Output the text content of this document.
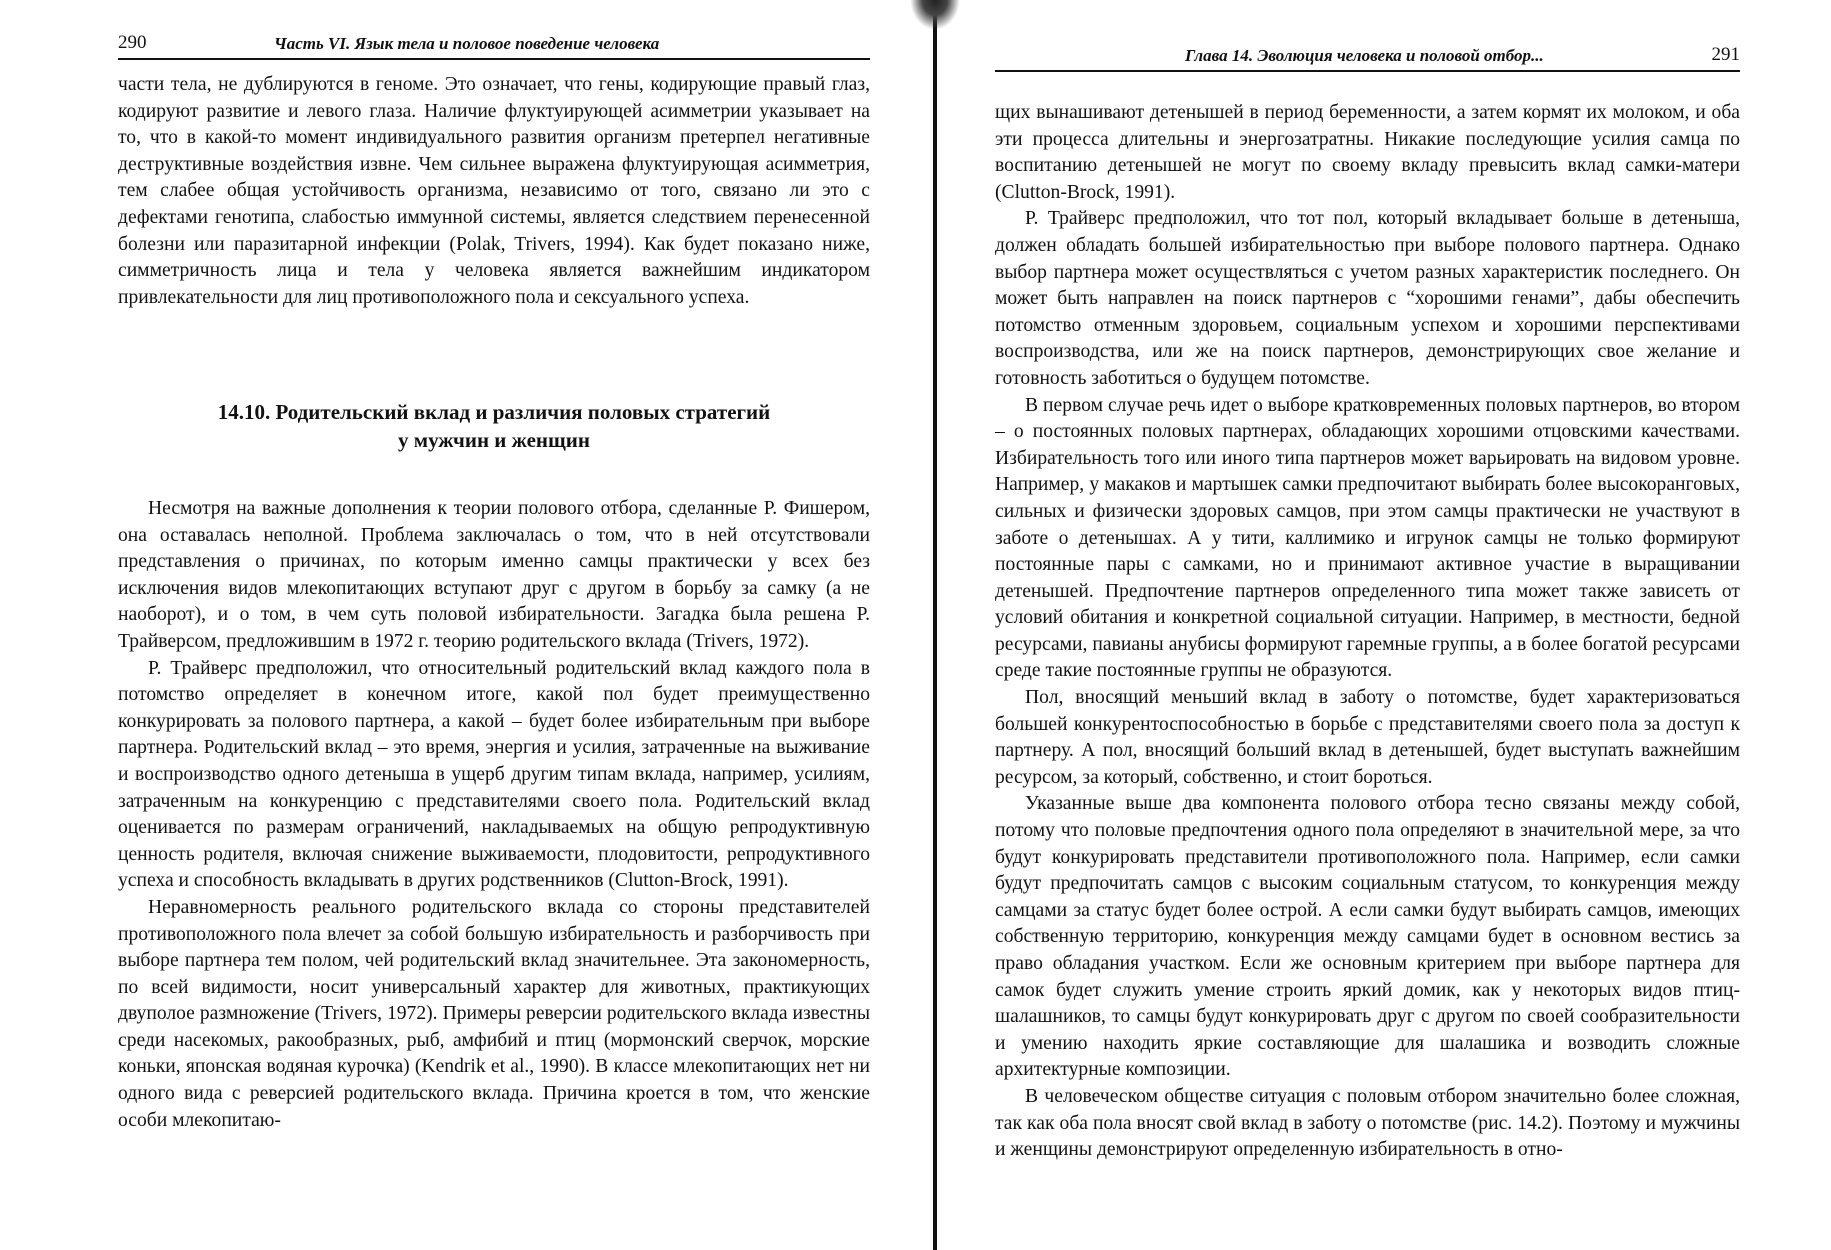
290	Часть VI. Язык тела и половое поведение человека

части тела, не дублируются в геноме. Это означает, что гены, кодирующие правый глаз, кодируют развитие и левого глаза. Наличие флуктуирующей асимметрии указывает на то, что в какой-то момент индивидуального развития организм претерпел негативные деструктивные воздействия извне. Чем сильнее выражена флуктуирующая асимметрия, тем слабее общая устойчивость организма, независимо от того, связано ли это с дефектами генотипа, слабостью иммунной системы, является следствием перенесенной болезни или паразитарной инфекции (Polak, Trivers, 1994). Как будет показано ниже, симметричность лица и тела у человека является важнейшим индикатором привлекательности для лиц противоположного пола и сексуального успеха.

14.10. Родительский вклад и различия половых стратегий
у мужчин и женщин

Несмотря на важные дополнения к теории полового отбора, сделанные Р. Фишером, она оставалась неполной. Проблема заключалась о том, что в ней отсутствовали представления о причинах, по которым именно самцы практически у всех без исключения видов млекопитающих вступают друг с другом в борьбу за самку (а не наоборот), и о том, в чем суть половой избирательности. Загадка была решена Р. Трайверсом, предложившим в 1972 г. теорию родительского вклада (Trivers, 1972).

Р. Трайверс предположил, что относительный родительский вклад каждого пола в потомство определяет в конечном итоге, какой пол будет преимущественно конкурировать за полового партнера, а какой – будет более избирательным при выборе партнера. Родительский вклад – это время, энергия и усилия, затраченные на выживание и воспроизводство одного детеныша в ущерб другим типам вклада, например, усилиям, затраченным на конкуренцию с представителями своего пола. Родительский вклад оценивается по размерам ограничений, накладываемых на общую репродуктивную ценность родителя, включая снижение выживаемости, плодовитости, репродуктивного успеха и способность вкладывать в других родственников (Clutton-Brock, 1991).

Неравномерность реального родительского вклада со стороны представителей противоположного пола влечет за собой большую избирательность и разборчивость при выборе партнера тем полом, чей родительский вклад значительнее. Эта закономерность, по всей видимости, носит универсальный характер для животных, практикующих двуполое размножение (Trivers, 1972). Примеры реверсии родительского вклада известны среди насекомых, ракообразных, рыб, амфибий и птиц (мормонский сверчок, морские коньки, японская водяная курочка) (Kendrik et al., 1990). В классе млекопитающих нет ни одного вида с реверсией родительского вклада. Причина кроется в том, что женские особи млекопитаю-

Глава 14. Эволюция человека и половой отбор...	291

щих вынашивают детенышей в период беременности, а затем кормят их молоком, и оба эти процесса длительны и энергозатратны. Никакие последующие усилия самца по воспитанию детенышей не могут по своему вкладу превысить вклад самки-матери (Clutton-Brock, 1991).

Р. Трайверс предположил, что тот пол, который вкладывает больше в детеныша, должен обладать большей избирательностью при выборе полового партнера. Однако выбор партнера может осуществляться с учетом разных характеристик последнего. Он может быть направлен на поиск партнеров с “хорошими генами”, дабы обеспечить потомство отменным здоровьем, социальным успехом и хорошими перспективами воспроизводства, или же на поиск партнеров, демонстрирующих свое желание и готовность заботиться о будущем потомстве.

В первом случае речь идет о выборе кратковременных половых партнеров, во втором – о постоянных половых партнерах, обладающих хорошими отцовскими качествами. Избирательность того или иного типа партнеров может варьировать на видовом уровне. Например, у макаков и мартышек самки предпочитают выбирать более высокоранговых, сильных и физически здоровых самцов, при этом самцы практически не участвуют в заботе о детенышах. А у тити, каллимико и игрунок самцы не только формируют постоянные пары с самками, но и принимают активное участие в выращивании детенышей. Предпочтение партнеров определенного типа может также зависеть от условий обитания и конкретной социальной ситуации. Например, в местности, бедной ресурсами, павианы анубисы формируют гаремные группы, а в более богатой ресурсами среде такие постоянные группы не образуются.

Пол, вносящий меньший вклад в заботу о потомстве, будет характеризоваться большей конкурентоспособностью в борьбе с представителями своего пола за доступ к партнеру. А пол, вносящий больший вклад в детенышей, будет выступать важнейшим ресурсом, за который, собственно, и стоит бороться.

Указанные выше два компонента полового отбора тесно связаны между собой, потому что половые предпочтения одного пола определяют в значительной мере, за что будут конкурировать представители противоположного пола. Например, если самки будут предпочитать самцов с высоким социальным статусом, то конкуренция между самцами за статус будет более острой. А если самки будут выбирать самцов, имеющих собственную территорию, конкуренция между самцами будет в основном вестись за право обладания участком. Если же основным критерием при выборе партнера для самок будет служить умение строить яркий домик, как у некоторых видов птиц-шалашников, то самцы будут конкурировать друг с другом по своей сообразительности и умению находить яркие составляющие для шалашика и возводить сложные архитектурные композиции.

В человеческом обществе ситуация с половым отбором значительно более сложная, так как оба пола вносят свой вклад в заботу о потомстве (рис. 14.2). Поэтому и мужчины и женщины демонстрируют определенную избирательность в отно-
